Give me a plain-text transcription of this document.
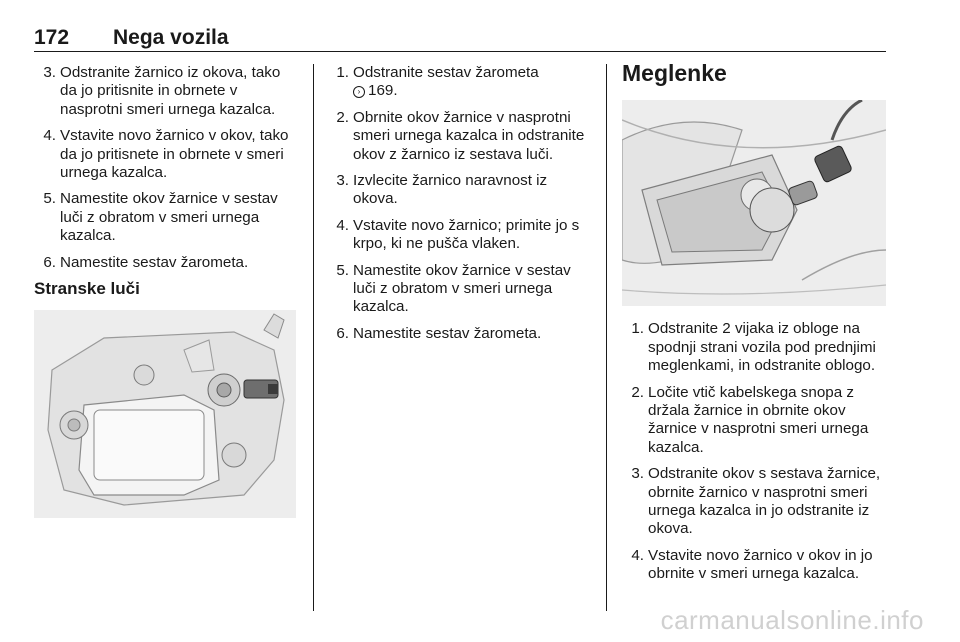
172 Nega vozila
3. Odstranite žarnico iz okova, tako da jo pritisnite in obrnete v nasprotni smeri urnega kazalca.
4. Vstavite novo žarnico v okov, tako da jo pritisnete in obrnete v smeri urnega kazalca.
5. Namestite okov žarnice v sestav luči z obratom v smeri urnega kazalca.
6. Namestite sestav žarometa.
Stranske luči
1. Odstranite sestav žarometa
› 169.
2. Obrnite okov žarnice v nasprotni smeri urnega kazalca in odstranite okov z žarnico iz sestava luči.
3. Izvlecite žarnico naravnost iz okova.
4. Vstavite novo žarnico; primite jo s krpo, ki ne pušča vlaken.
5. Namestite okov žarnice v sestav luči z obratom v smeri urnega kazalca.
6. Namestite sestav žarometa.
Meglenke
1. Odstranite 2 vijaka iz obloge na spodnji strani vozila pod prednjimi meglenkami, in odstranite oblogo.
2. Ločite vtič kabelskega snopa z držala žarnice in obrnite okov žarnice v nasprotni smeri urnega kazalca.
3. Odstranite okov s sestava žarnice, obrnite žarnico v nasprotni smeri urnega kazalca in jo odstranite iz okova.
4. Vstavite novo žarnico v okov in jo obrnite v smeri urnega kazalca.
carmanualsonline.info
